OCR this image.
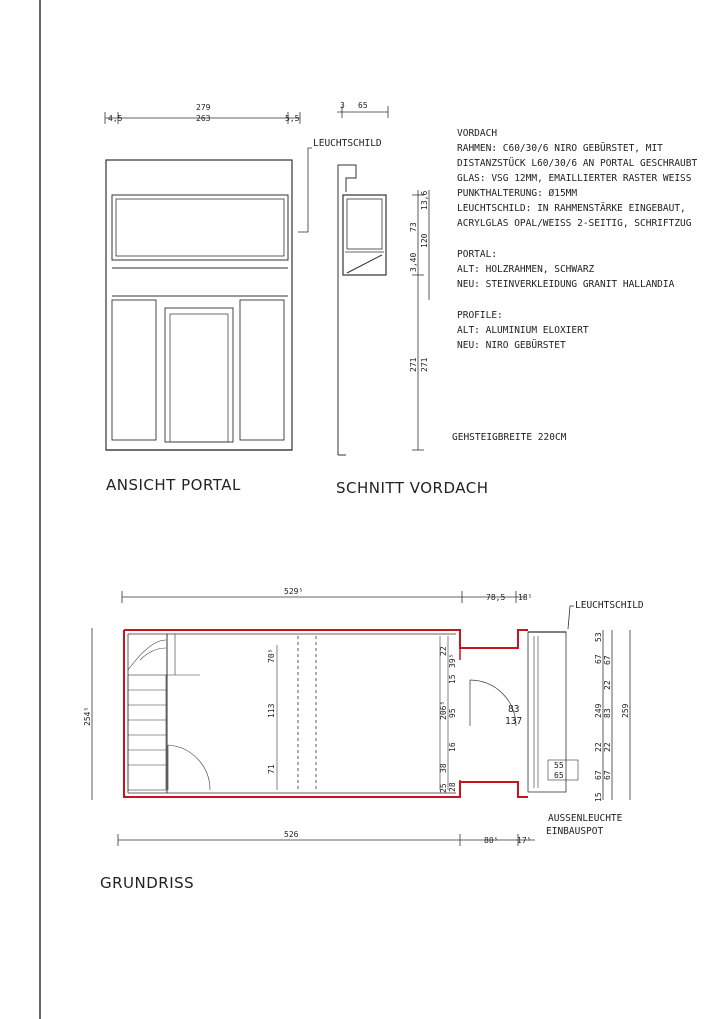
279
263
4,5	5,5
LEUCHTSCHILD
ANSICHT PORTAL
3 65
13,6
73
120
3,40
271 271
SCHNITT VORDACH
VORDACH
RAHMEN: C60/30/6 NIRO GEBÜRSTET, MIT
DISTANZSTÜCK L60/30/6 AN PORTAL GESCHRAUBT
GLAS: VSG 12MM, EMAILLIERTER RASTER WEISS
PUNKTHALTERUNG: Ø15MM
LEUCHTSCHILD: IN RAHMENSTÄRKE EINGEBAUT,
ACRYLGLAS OPAL/WEISS 2-SEITIG, SCHRIFTZUG
PORTAL:
ALT: HOLZRAHMEN, SCHWARZ
NEU: STEINVERKLEIDUNG GRANIT HALLANDIA
PROFILE:
ALT: ALUMINIUM ELOXIERT
NEU: NIRO GEBÜRSTET
GEHSTEIGBREITE 220CM
529⁵
78,5 18⁵
LEUCHTSCHILD
70⁵
113
71
22
15
39⁵
206⁵ 95
16
38
28
25
83
137
55
65
254⁵
53
67
67
22
249 83 259
22 22
67 67
15
526
80⁵ 17⁵
AUSSENLEUCHTE
EINBAUSPOT
GRUNDRISS
